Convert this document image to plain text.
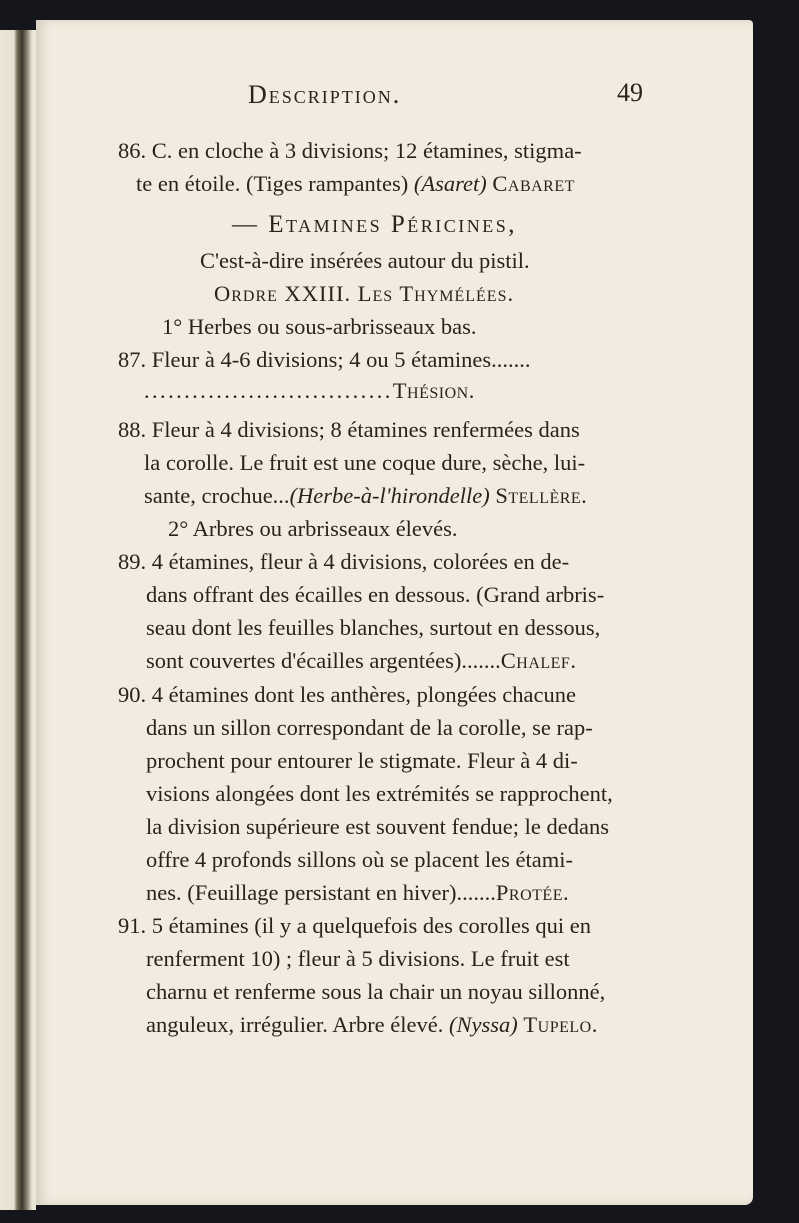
Description.	49
86. C. en cloche à 3 divisions; 12 étamines, stigma-
te en étoile. (Tiges rampantes) (Asaret) Cabaret
— Etamines Péricines,
C'est-à-dire insérées autour du pistil.
Ordre XXIII. Les Thymélées.
1° Herbes ou sous-arbrisseaux bas.
87. Fleur à 4-6 divisions; 4 ou 5 étamines.......
...............................Thésion.
88. Fleur à 4 divisions; 8 étamines renfermées dans
la corolle. Le fruit est une coque dure, sèche, lui-
sante, crochue...(Herbe-à-l'hirondelle) Stellère.
2° Arbres ou arbrisseaux élevés.
89. 4 étamines, fleur à 4 divisions, colorées en de-
dans offrant des écailles en dessous. (Grand arbris-
seau dont les feuilles blanches, surtout en dessous,
sont couvertes d'écailles argentées).......Chalef.
90. 4 étamines dont les anthères, plongées chacune
dans un sillon correspondant de la corolle, se rap-
prochent pour entourer le stigmate. Fleur à 4 di-
visions alongées dont les extrémités se rapprochent,
la division supérieure est souvent fendue; le dedans
offre 4 profonds sillons où se placent les étami-
nes. (Feuillage persistant en hiver).......Protée.
91. 5 étamines (il y a quelquefois des corolles qui en
renferment 10) ; fleur à 5 divisions. Le fruit est
charnu et renferme sous la chair un noyau sillonné,
anguleux, irrégulier. Arbre élevé. (Nyssa) Tupelo.
